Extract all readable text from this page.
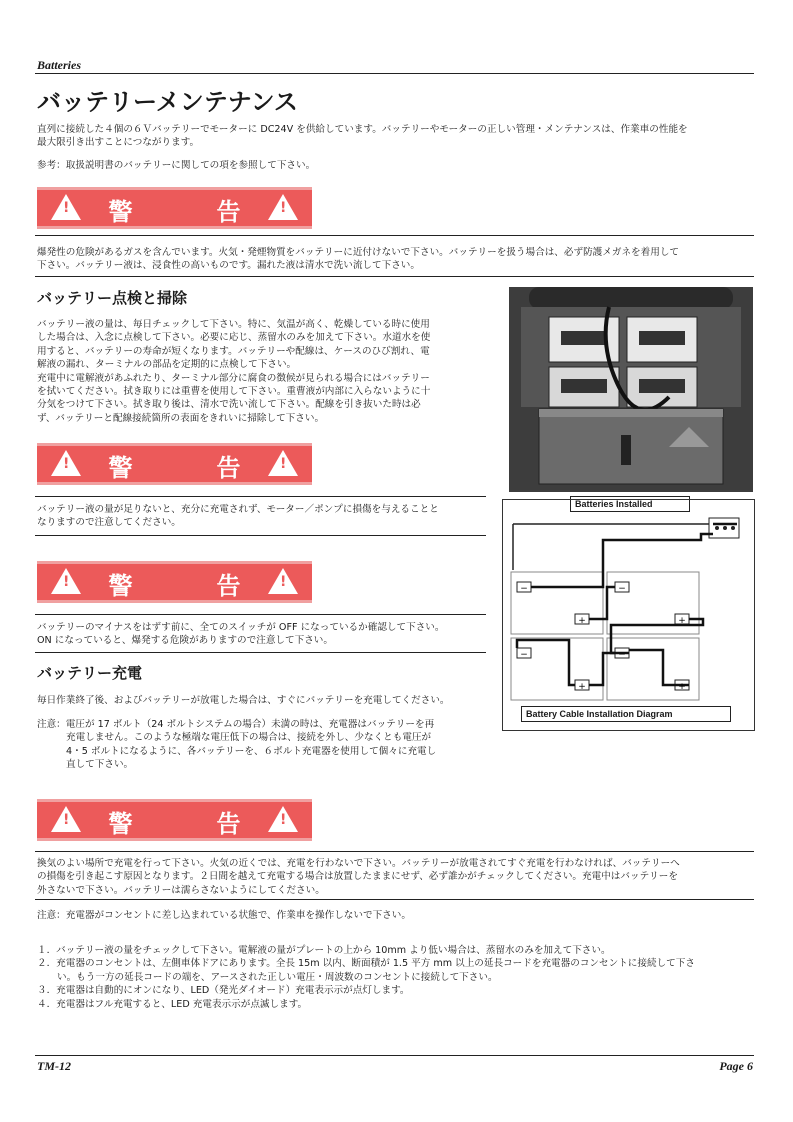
Batteries
バッテリーメンテナンス
直列に接続した４個の６Ｖバッテリーでモーターに DC24V を供給しています。バッテリーやモーターの正しい管理・メンテナンスは、作業車の性能を
最大限引き出すことにつながります。
参考：取扱説明書のバッテリーに関しての項を参照して下さい。
!	警　告 !
爆発性の危険があるガスを含んでいます。火気・発煙物質をバッテリーに近付けないで下さい。バッテリーを扱う場合は、必ず防護メガネを着用して
下さい。バッテリー液は、浸食性の高いものです。漏れた液は清水で洗い流して下さい。
バッテリー点検と掃除
バッテリー液の量は、毎日チェックして下さい。特に、気温が高く、乾燥している時に使用
した場合は、入念に点検して下さい。必要に応じ、蒸留水のみを加えて下さい。水道水を使
用すると、バッテリーの寿命が短くなります。バッテリーや配線は、ケースのひび割れ、電
解液の漏れ、ターミナルの部品を定期的に点検して下さい。
充電中に電解液があふれたり、ターミナル部分に腐食の徴候が見られる場合にはバッテリー
を拭いてください。拭き取りには重曹を使用して下さい。重曹液が内部に入らないように十
分気をつけて下さい。拭き取り後は、清水で洗い流して下さい。配線を引き抜いた時は必
ず、バッテリーと配線接続箇所の表面をきれいに掃除して下さい。
!	警　告 !
バッテリー液の量が足りないと、充分に充電されず、モーター／ポンプに損傷を与えることと
なりますので注意してください。
!	警　告 !
バッテリーのマイナスをはずす前に、全てのスイッチが OFF になっているか確認して下さい。
ON になっていると、爆発する危険がありますので注意して下さい。
バッテリー充電
毎日作業終了後、およびバッテリーが放電した場合は、すぐにバッテリーを充電してください。
注意：電圧が 17 ボルト（24 ボルトシステムの場合）未満の時は、充電器はバッテリーを再
充電しません。このような極端な電圧低下の場合は、接続を外し、少なくとも電圧が
4・5 ボルトになるように、各バッテリーを、６ボルト充電器を使用して個々に充電し
直して下さい。
!	警　告 !
換気のよい場所で充電を行って下さい。火気の近くでは、充電を行わないで下さい。バッテリーが放電されてすぐ充電を行わなければ、バッテリーへ
の損傷を引き起こす原因となります。２日間を越えて充電する場合は放置したままにせず、必ず誰かがチェックしてください。充電中はバッテリーを
外さないで下さい。バッテリーは濡らさないようにしてください。
注意：充電器がコンセントに差し込まれている状態で、作業車を操作しないで下さい。
１．バッテリー液の量をチェックして下さい。電解液の量がプレートの上から 10mm より低い場合は、蒸留水のみを加えて下さい。
２．充電器のコンセントは、左側車体ドアにあります。全長 15m 以内、断面積が 1.5 平方 mm 以上の延長コードを充電器のコンセントに接続して下さ
い。もう一方の延長コードの端を、アースされた正しい電圧・周波数のコンセントに接続して下さい。
３．充電器は自動的にオンになり、LED（発光ダイオード）充電表示示が点灯します。
４．充電器はフル充電すると、LED 充電表示示が点滅します。
Batteries Installed
−
+
−
+
−
+
−
+
Battery Cable Installation Diagram
TM-12	Page 6
